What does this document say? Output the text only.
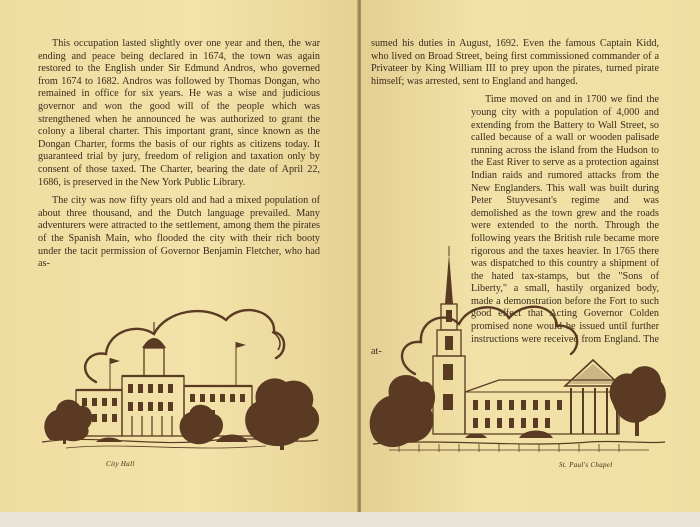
This occupation lasted slightly over one year and then, the war ending and peace being declared in 1674, the town was again restored to the English under Sir Edmund Andros, who governed from 1674 to 1682. Andros was followed by Thomas Dongan, who remained in office for six years. He was a wise and judicious governor and won the good will of the people which was strengthened when he announced he was authorized to grant the colony a liberal charter. This important grant, since known as the Dongan Charter, forms the basis of our rights as citizens today. It guaranteed trial by jury, freedom of religion and taxation only by consent of those taxed. The Charter, bearing the date of April 22, 1686, is preserved in the New York Public Library.

The city was now fifty years old and had a mixed population of about three thousand, and the Dutch language prevailed. Many adventurers were attracted to the settlement, among them the pirates of the Spanish Main, who flooded the city with their rich booty under the tacit permission of Governor Benjamin Fletcher, who had as-

City Hall

sumed his duties in August, 1692. Even the famous Captain Kidd, who lived on Broad Street, being first commissioned commander of a Privateer by King William III to prey upon the pirates, turned pirate himself; was arrested, sent to England and hanged.

Time moved on and in 1700 we find the young city with a population of 4,000 and extending from the Battery to Wall Street, so called because of a wall or wooden palisade running across the island from the Hudson to the East River to serve as a protection against Indian raids and rumored attacks from the New Englanders. This wall was built during Peter Stuyvesant's regime and was demolished as the town grew and the roads were extended to the north. Through the following years the British rule became more rigorous and the taxes heavier. In 1765 there was dispatched to this country a shipment of the hated tax-stamps, but the "Sons of Liberty," a small, hastily organized body, made a demonstration before the Fort to such good effect that Acting Governor Colden promised none would be issued until further instructions were received from England. The at-

St. Paul's Chapel
